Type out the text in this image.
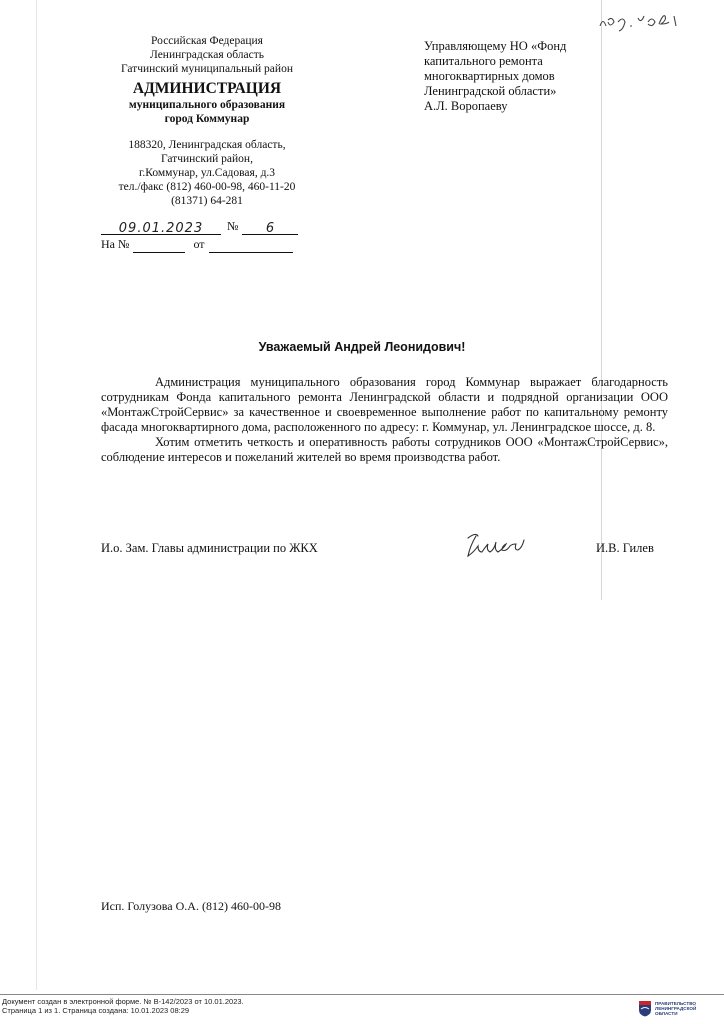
Российская Федерация
Ленинградская область
Гатчинский муниципальный район
АДМИНИСТРАЦИЯ
муниципального образования
город Коммунар
188320, Ленинградская область,
Гатчинский район,
г.Коммунар, ул.Садовая, д.3
тел./факс (812) 460-00-98, 460-11-20
(81371) 64-281
Управляющему НО «Фонд
капитального ремонта
многоквартирных домов
Ленинградской области»
А.Л. Воропаеву
09.01.2023	№	6
На №	от
Уважаемый Андрей Леонидович!

Администрация муниципального образования город Коммунар выражает благодарность сотрудникам Фонда капитального ремонта Ленинградской области и подрядной организации ООО «МонтажСтройСервис» за качественное и своевременное выполнение работ по капитальному ремонту фасада многоквартирного дома, расположенного по адресу: г. Коммунар, ул. Ленинградское шоссе, д. 8.

Хотим отметить четкость и оперативность работы сотрудников ООО «МонтажСтройСервис», соблюдение интересов и пожеланий жителей во время производства работ.

И.о. Зам. Главы администрации по ЖКХ	И.В. Гилев
Исп. Голузова О.А. (812) 460-00-98
Документ создан в электронной форме. № В-142/2023 от 10.01.2023.
Страница 1 из 1. Страница создана: 10.01.2023 08:29
ПРАВИТЕЛЬСТВО
ЛЕНИНГРАДСКОЙ
ОБЛАСТИ
